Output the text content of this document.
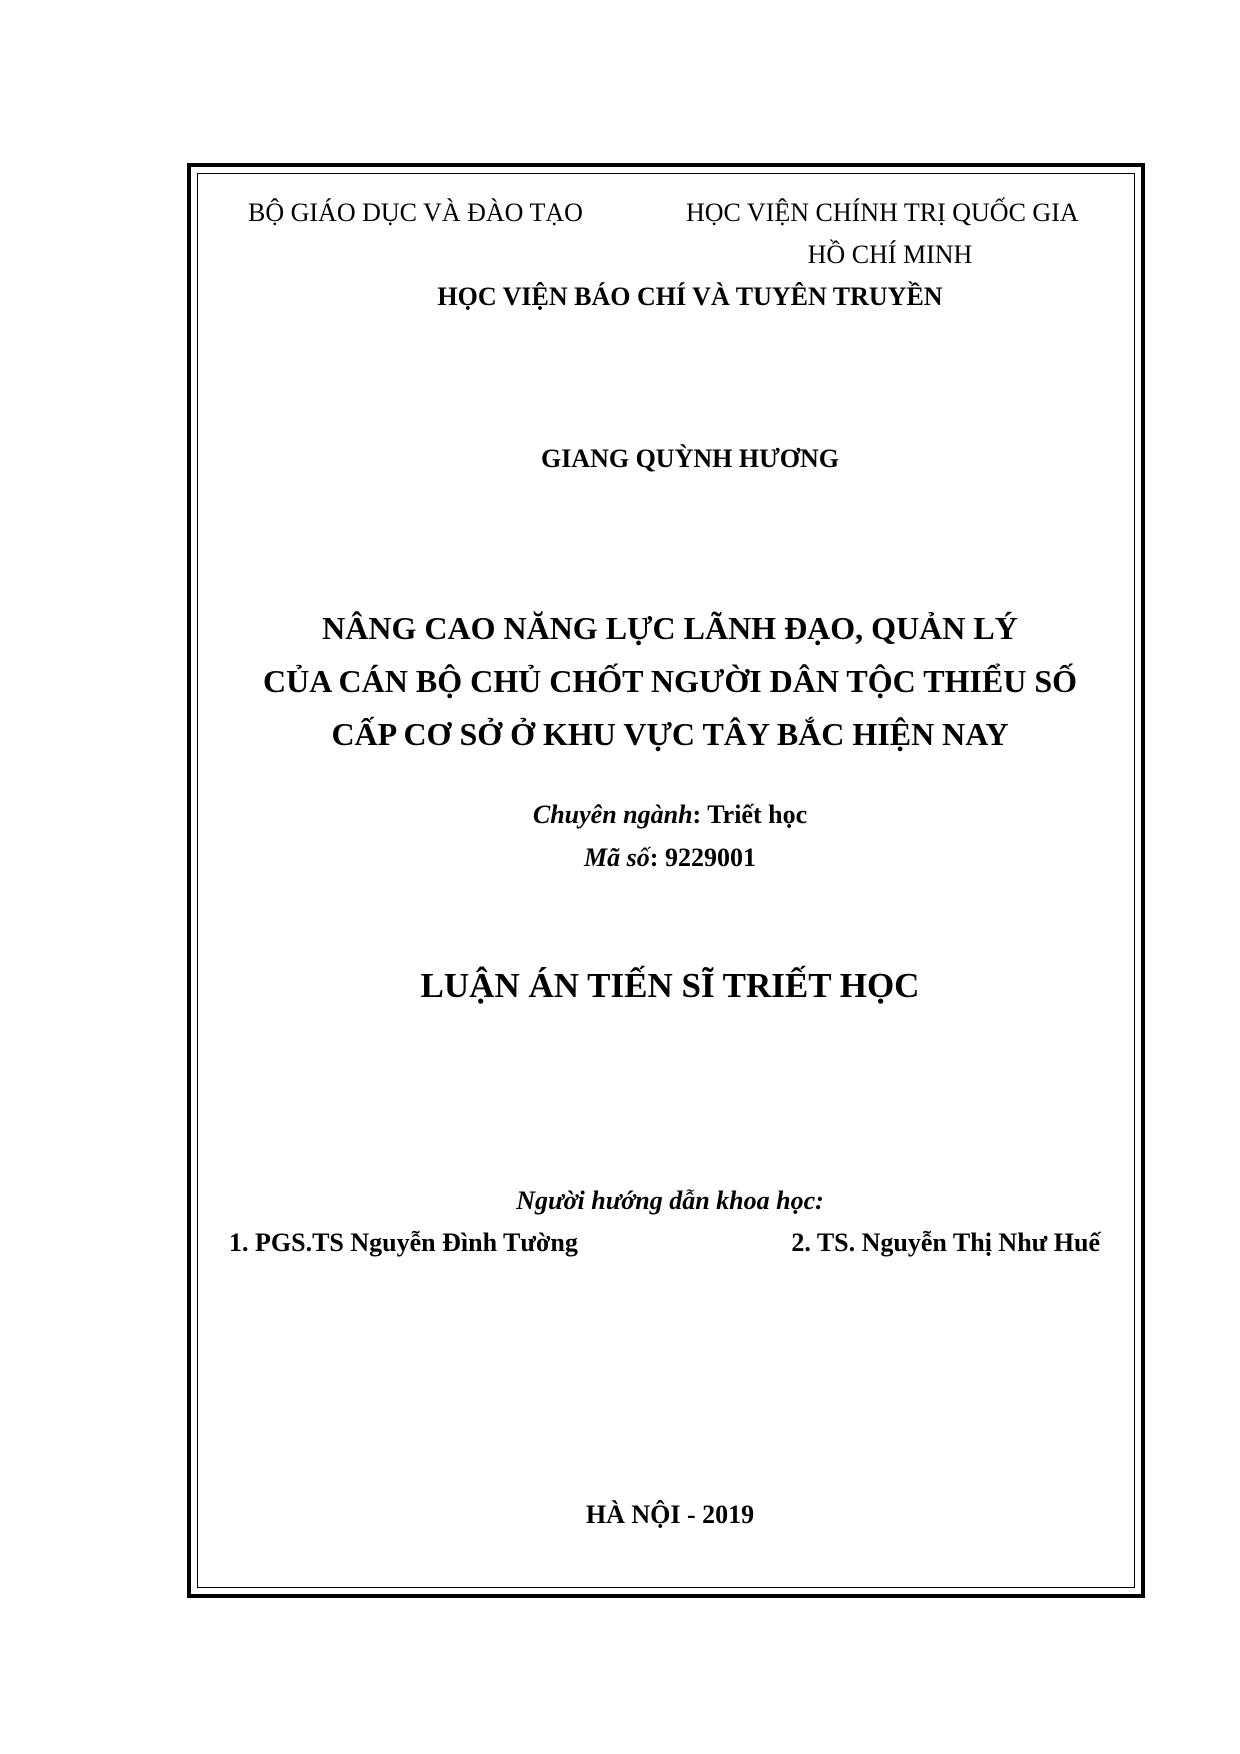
BỘ GIÁO DỤC VÀ ĐÀO TẠO	HỌC VIỆN CHÍNH TRỊ QUỐC GIA
HỒ CHÍ MINH
HỌC VIỆN BÁO CHÍ VÀ TUYÊN TRUYỀN
GIANG QUỲNH HƯƠNG
NÂNG CAO NĂNG LỰC LÃNH ĐẠO, QUẢN LÝ
CỦA CÁN BỘ CHỦ CHỐT NGƯỜI DÂN TỘC THIỂU SỐ
CẤP CƠ SỞ Ở KHU VỰC TÂY BẮC HIỆN NAY
Chuyên ngành: Triết học
Mã số: 9229001
LUẬN ÁN TIẾN SĨ TRIẾT HỌC
Người hướng dẫn khoa học:
1. PGS.TS Nguyễn Đình Tường	2. TS. Nguyễn Thị Như Huế
HÀ NỘI - 2019
